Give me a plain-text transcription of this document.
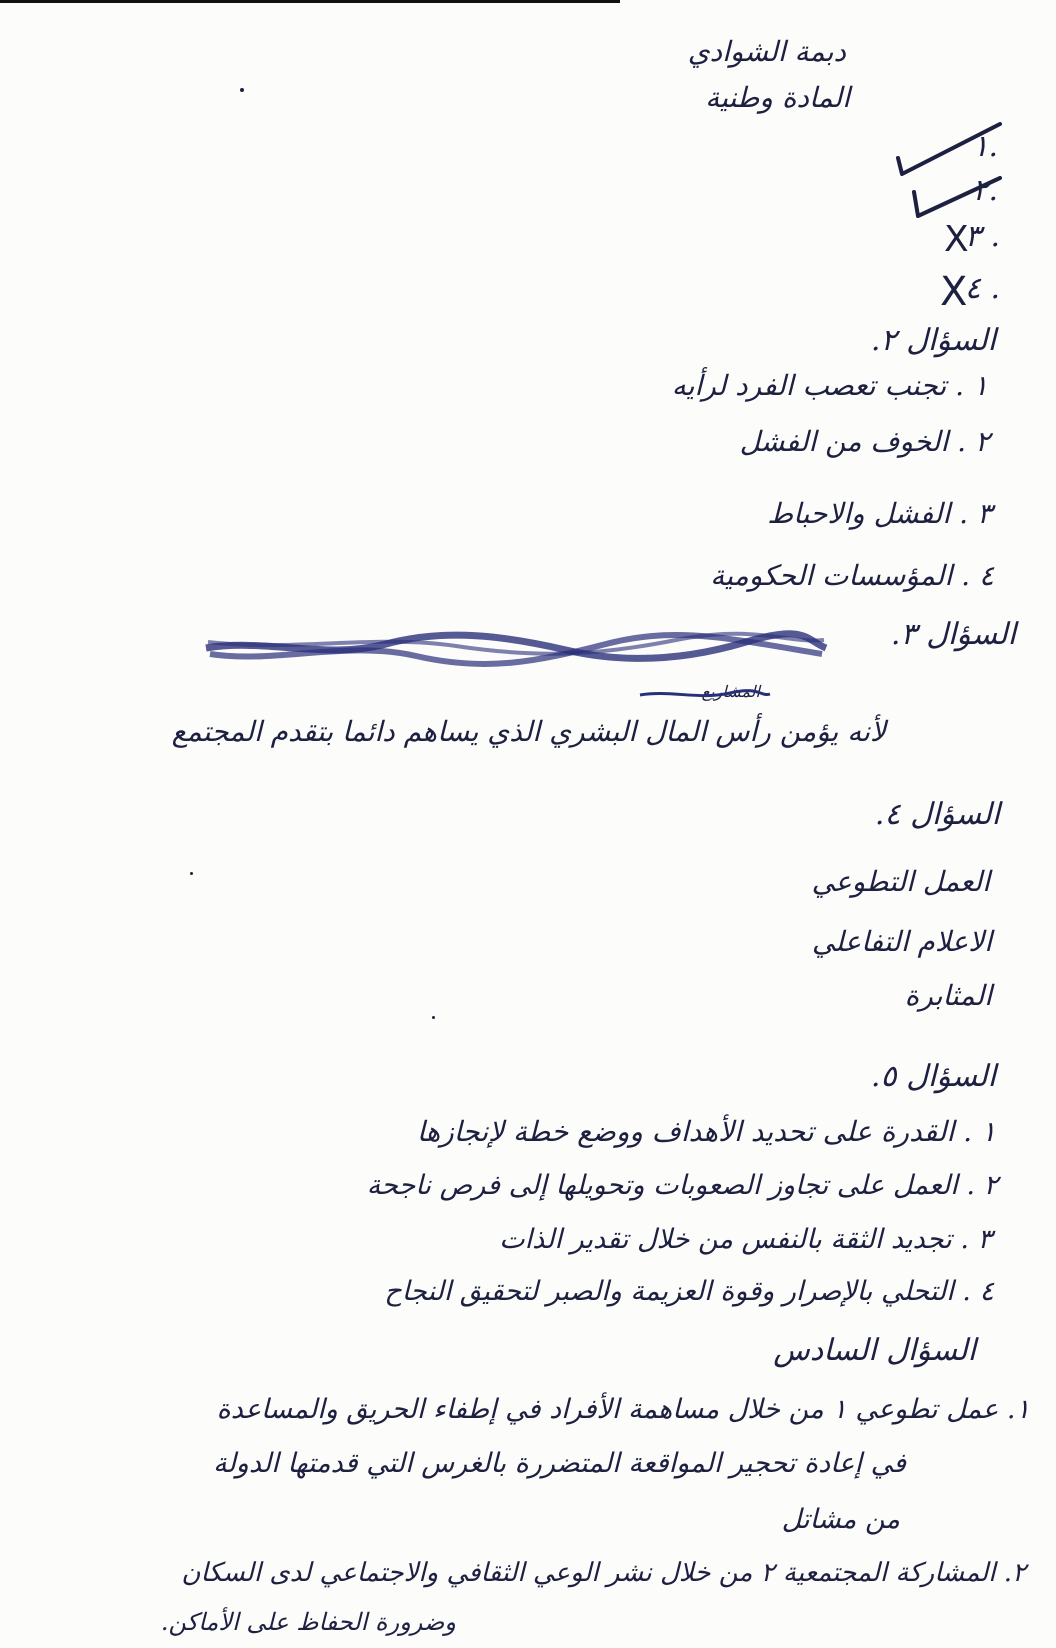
دبمة الشوادي
المادة وطنية
١.
٢.
٣ .
X
٤ .
X
السؤال ٢.
١ . تجنب تعصب الفرد لرأيه
٢ . الخوف من الفشل
٣ . الفشل والاحباط
٤ . المؤسسات الحكومية
السؤال ٣.
المشاريع
لأنه يؤمن رأس المال البشري الذي يساهم دائما بتقدم المجتمع
السؤال ٤.
العمل التطوعي
الاعلام التفاعلي
المثابرة
السؤال ٥.
١ . القدرة على تحديد الأهداف ووضع خطة لإنجازها
٢ . العمل على تجاوز الصعوبات وتحويلها إلى فرص ناجحة
٣ . تجديد الثقة بالنفس من خلال تقدير الذات
٤ . التحلي بالإصرار وقوة العزيمة والصبر لتحقيق النجاح
السؤال السادس
١. عمل تطوعي ١ من خلال مساهمة الأفراد في إطفاء الحريق والمساعدة
في إعادة تحجير المواقعة المتضررة بالغرس التي قدمتها الدولة
من مشاتل
٢. المشاركة المجتمعية ٢ من خلال نشر الوعي الثقافي والاجتماعي لدى السكان
وضرورة الحفاظ على الأماكن.
